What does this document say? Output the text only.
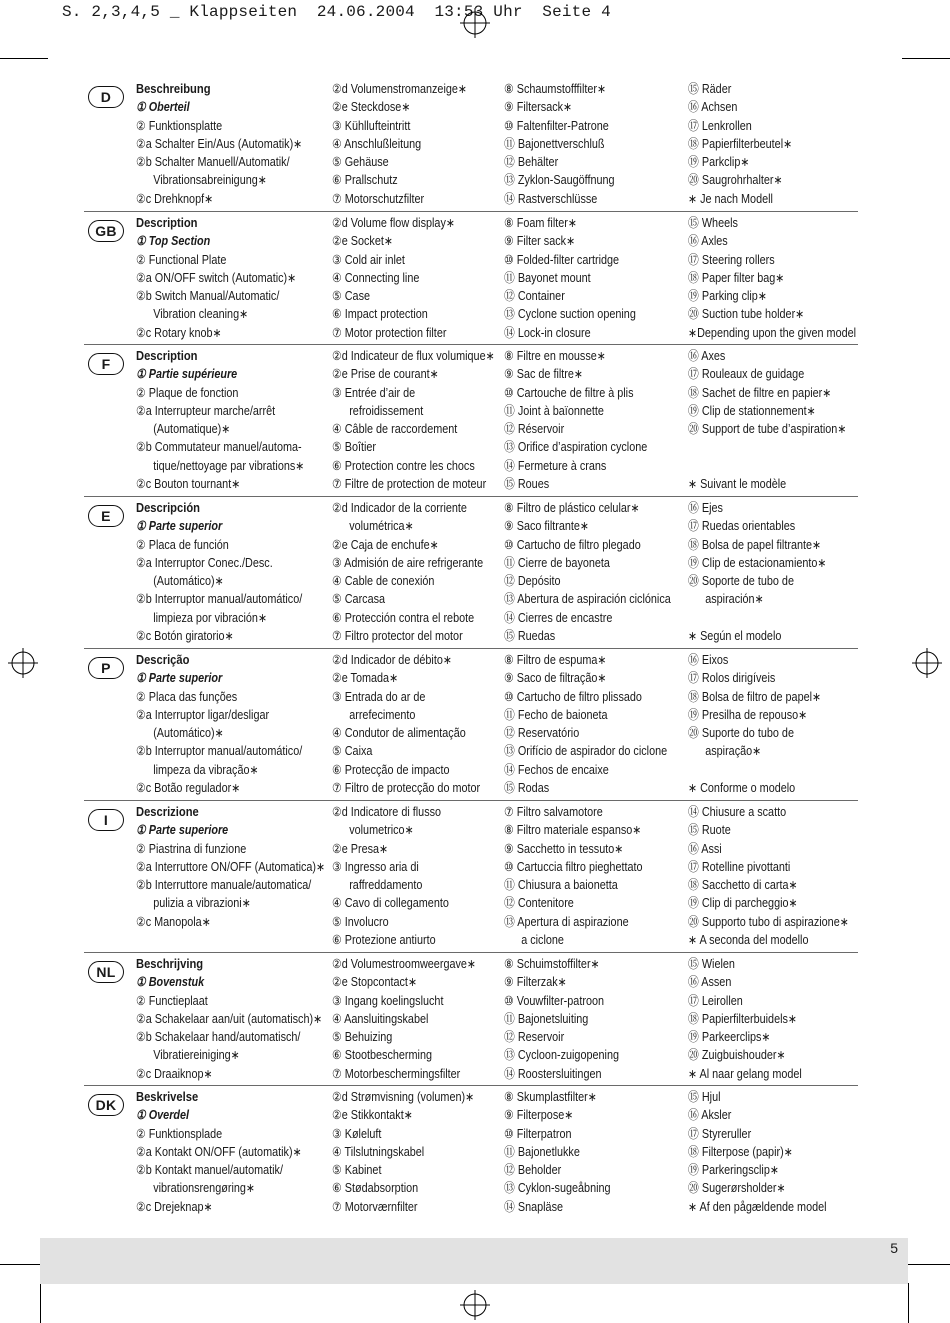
S. 2,3,4,5 _ Klappseiten  24.06.2004  13:53 Uhr  Seite 4
D
Beschreibung
① Oberteil
② Funktionsplatte
②a Schalter Ein/Aus (Automatik)∗
②b Schalter Manuell/Automatik/
Vibrationsabreinigung∗
②c Drehknopf∗
②d Volumenstromanzeige∗
②e Steckdose∗
③ Kühllufteintritt
④ Anschlußleitung
⑤ Gehäuse
⑥ Prallschutz
⑦ Motorschutzfilter
⑧ Schaumstofffilter∗
⑨ Filtersack∗
⑩ Faltenfilter-Patrone
⑪ Bajonettverschluß
⑫ Behälter
⑬ Zyklon-Saugöffnung
⑭ Rastverschlüsse
⑮ Räder
⑯ Achsen
⑰ Lenkrollen
⑱ Papierfilterbeutel∗
⑲ Parkclip∗
⑳ Saugrohrhalter∗
∗ Je nach Modell
GB
Description
① Top Section
② Functional Plate
②a ON/OFF switch (Automatic)∗
②b Switch Manual/Automatic/
Vibration cleaning∗
②c Rotary knob∗
②d Volume flow display∗
②e Socket∗
③ Cold air inlet
④ Connecting line
⑤ Case
⑥ Impact protection
⑦ Motor protection filter
⑧ Foam filter∗
⑨ Filter sack∗
⑩ Folded-filter cartridge
⑪ Bayonet mount
⑫ Container
⑬ Cyclone suction opening
⑭ Lock-in closure
⑮ Wheels
⑯ Axles
⑰ Steering rollers
⑱ Paper filter bag∗
⑲ Parking clip∗
⑳ Suction tube holder∗
∗Depending upon the given model
F
Description
① Partie supérieure
② Plaque de fonction
②a Interrupteur marche/arrêt
(Automatique)∗
②b Commutateur manuel/automa-
tique/nettoyage par vibrations∗
②c Bouton tournant∗
②d Indicateur de flux volumique∗
②e Prise de courant∗
③ Entrée d’air de
refroidissement
④ Câble de raccordement
⑤ Boîtier
⑥ Protection contre les chocs
⑦ Filtre de protection de moteur
⑧ Filtre en mousse∗
⑨ Sac de filtre∗
⑩ Cartouche de filtre à plis
⑪ Joint à baïonnette
⑫ Réservoir
⑬ Orifice d’aspiration cyclone
⑭ Fermeture à crans
⑮ Roues
⑯ Axes
⑰ Rouleaux de guidage
⑱ Sachet de filtre en papier∗
⑲ Clip de stationnement∗
⑳ Support de tube d’aspiration∗
∗ Suivant le modèle
E
Descripción
① Parte superior
② Placa de función
②a Interruptor Conec./Desc.
(Automático)∗
②b Interruptor manual/automático/
limpieza por vibración∗
②c Botón giratorio∗
②d Indicador de la corriente
volumétrica∗
②e Caja de enchufe∗
③ Admisión de aire refrigerante
④ Cable de conexión
⑤ Carcasa
⑥ Protección contra el rebote
⑦ Filtro protector del motor
⑧ Filtro de plástico celular∗
⑨ Saco filtrante∗
⑩ Cartucho de filtro plegado
⑪ Cierre de bayoneta
⑫ Depósito
⑬ Abertura de aspiración ciclónica
⑭ Cierres de encastre
⑮ Ruedas
⑯ Ejes
⑰ Ruedas orientables
⑱ Bolsa de papel filtrante∗
⑲ Clip de estacionamiento∗
⑳ Soporte de tubo de
aspiración∗
∗ Según el modelo
P
Descrição
① Parte superior
② Placa das funções
②a Interruptor ligar/desligar
(Automático)∗
②b Interruptor manual/automático/
limpeza da vibração∗
②c Botão regulador∗
②d Indicador de débito∗
②e Tomada∗
③ Entrada do ar de
arrefecimento
④ Condutor de alimentação
⑤ Caixa
⑥ Protecção de impacto
⑦ Filtro de protecção do motor
⑧ Filtro de espuma∗
⑨ Saco de filtração∗
⑩ Cartucho de filtro plissado
⑪ Fecho de baioneta
⑫ Reservatório
⑬ Orifício de aspirador do ciclone
⑭ Fechos de encaixe
⑮ Rodas
⑯ Eixos
⑰ Rolos dirigíveis
⑱ Bolsa de filtro de papel∗
⑲ Presilha de repouso∗
⑳ Suporte do tubo de
aspiração∗
∗ Conforme o modelo
I
Descrizione
① Parte superiore
② Piastrina di funzione
②a Interruttore ON/OFF (Automatica)∗
②b Interruttore manuale/automatica/
pulizia a vibrazioni∗
②c Manopola∗
②d Indicatore di flusso
volumetrico∗
②e Presa∗
③ Ingresso aria di
raffreddamento
④ Cavo di collegamento
⑤ Involucro
⑥ Protezione antiurto
⑦ Filtro salvamotore
⑧ Filtro materiale espanso∗
⑨ Sacchetto in tessuto∗
⑩ Cartuccia filtro pieghettato
⑪ Chiusura a baionetta
⑫ Contenitore
⑬ Apertura di aspirazione
a ciclone
⑭ Chiusure a scatto
⑮ Ruote
⑯ Assi
⑰ Rotelline pivottanti
⑱ Sacchetto di carta∗
⑲ Clip di parcheggio∗
⑳ Supporto tubo di aspirazione∗
∗ A seconda del modello
NL
Beschrijving
① Bovenstuk
② Functieplaat
②a Schakelaar aan/uit (automatisch)∗
②b Schakelaar hand/automatisch/
Vibratiereiniging∗
②c Draaiknop∗
②d Volumestroomweergave∗
②e Stopcontact∗
③ Ingang koelingslucht
④ Aansluitingskabel
⑤ Behuizing
⑥ Stootbescherming
⑦ Motorbeschermingsfilter
⑧ Schuimstoffilter∗
⑨ Filterzak∗
⑩ Vouwfilter-patroon
⑪ Bajonetsluiting
⑫ Reservoir
⑬ Cycloon-zuigopening
⑭ Roostersluitingen
⑮ Wielen
⑯ Assen
⑰ Leirollen
⑱ Papierfilterbuidels∗
⑲ Parkeerclips∗
⑳ Zuigbuishouder∗
∗ Al naar gelang model
DK
Beskrivelse
① Overdel
② Funktionsplade
②a Kontakt ON/OFF (automatik)∗
②b Kontakt manuel/automatik/
vibrationsrengøring∗
②c Drejeknap∗
②d Strømvisning (volumen)∗
②e Stikkontakt∗
③ Køleluft
④ Tilslutningskabel
⑤ Kabinet
⑥ Stødabsorption
⑦ Motorværnfilter
⑧ Skumplastfilter∗
⑨ Filterpose∗
⑩ Filterpatron
⑪ Bajonetlukke
⑫ Beholder
⑬ Cyklon-sugeåbning
⑭ Snapläse
⑮ Hjul
⑯ Aksler
⑰ Styreruller
⑱ Filterpose (papir)∗
⑲ Parkeringsclip∗
⑳ Sugerørsholder∗
∗ Af den pågældende model
5
